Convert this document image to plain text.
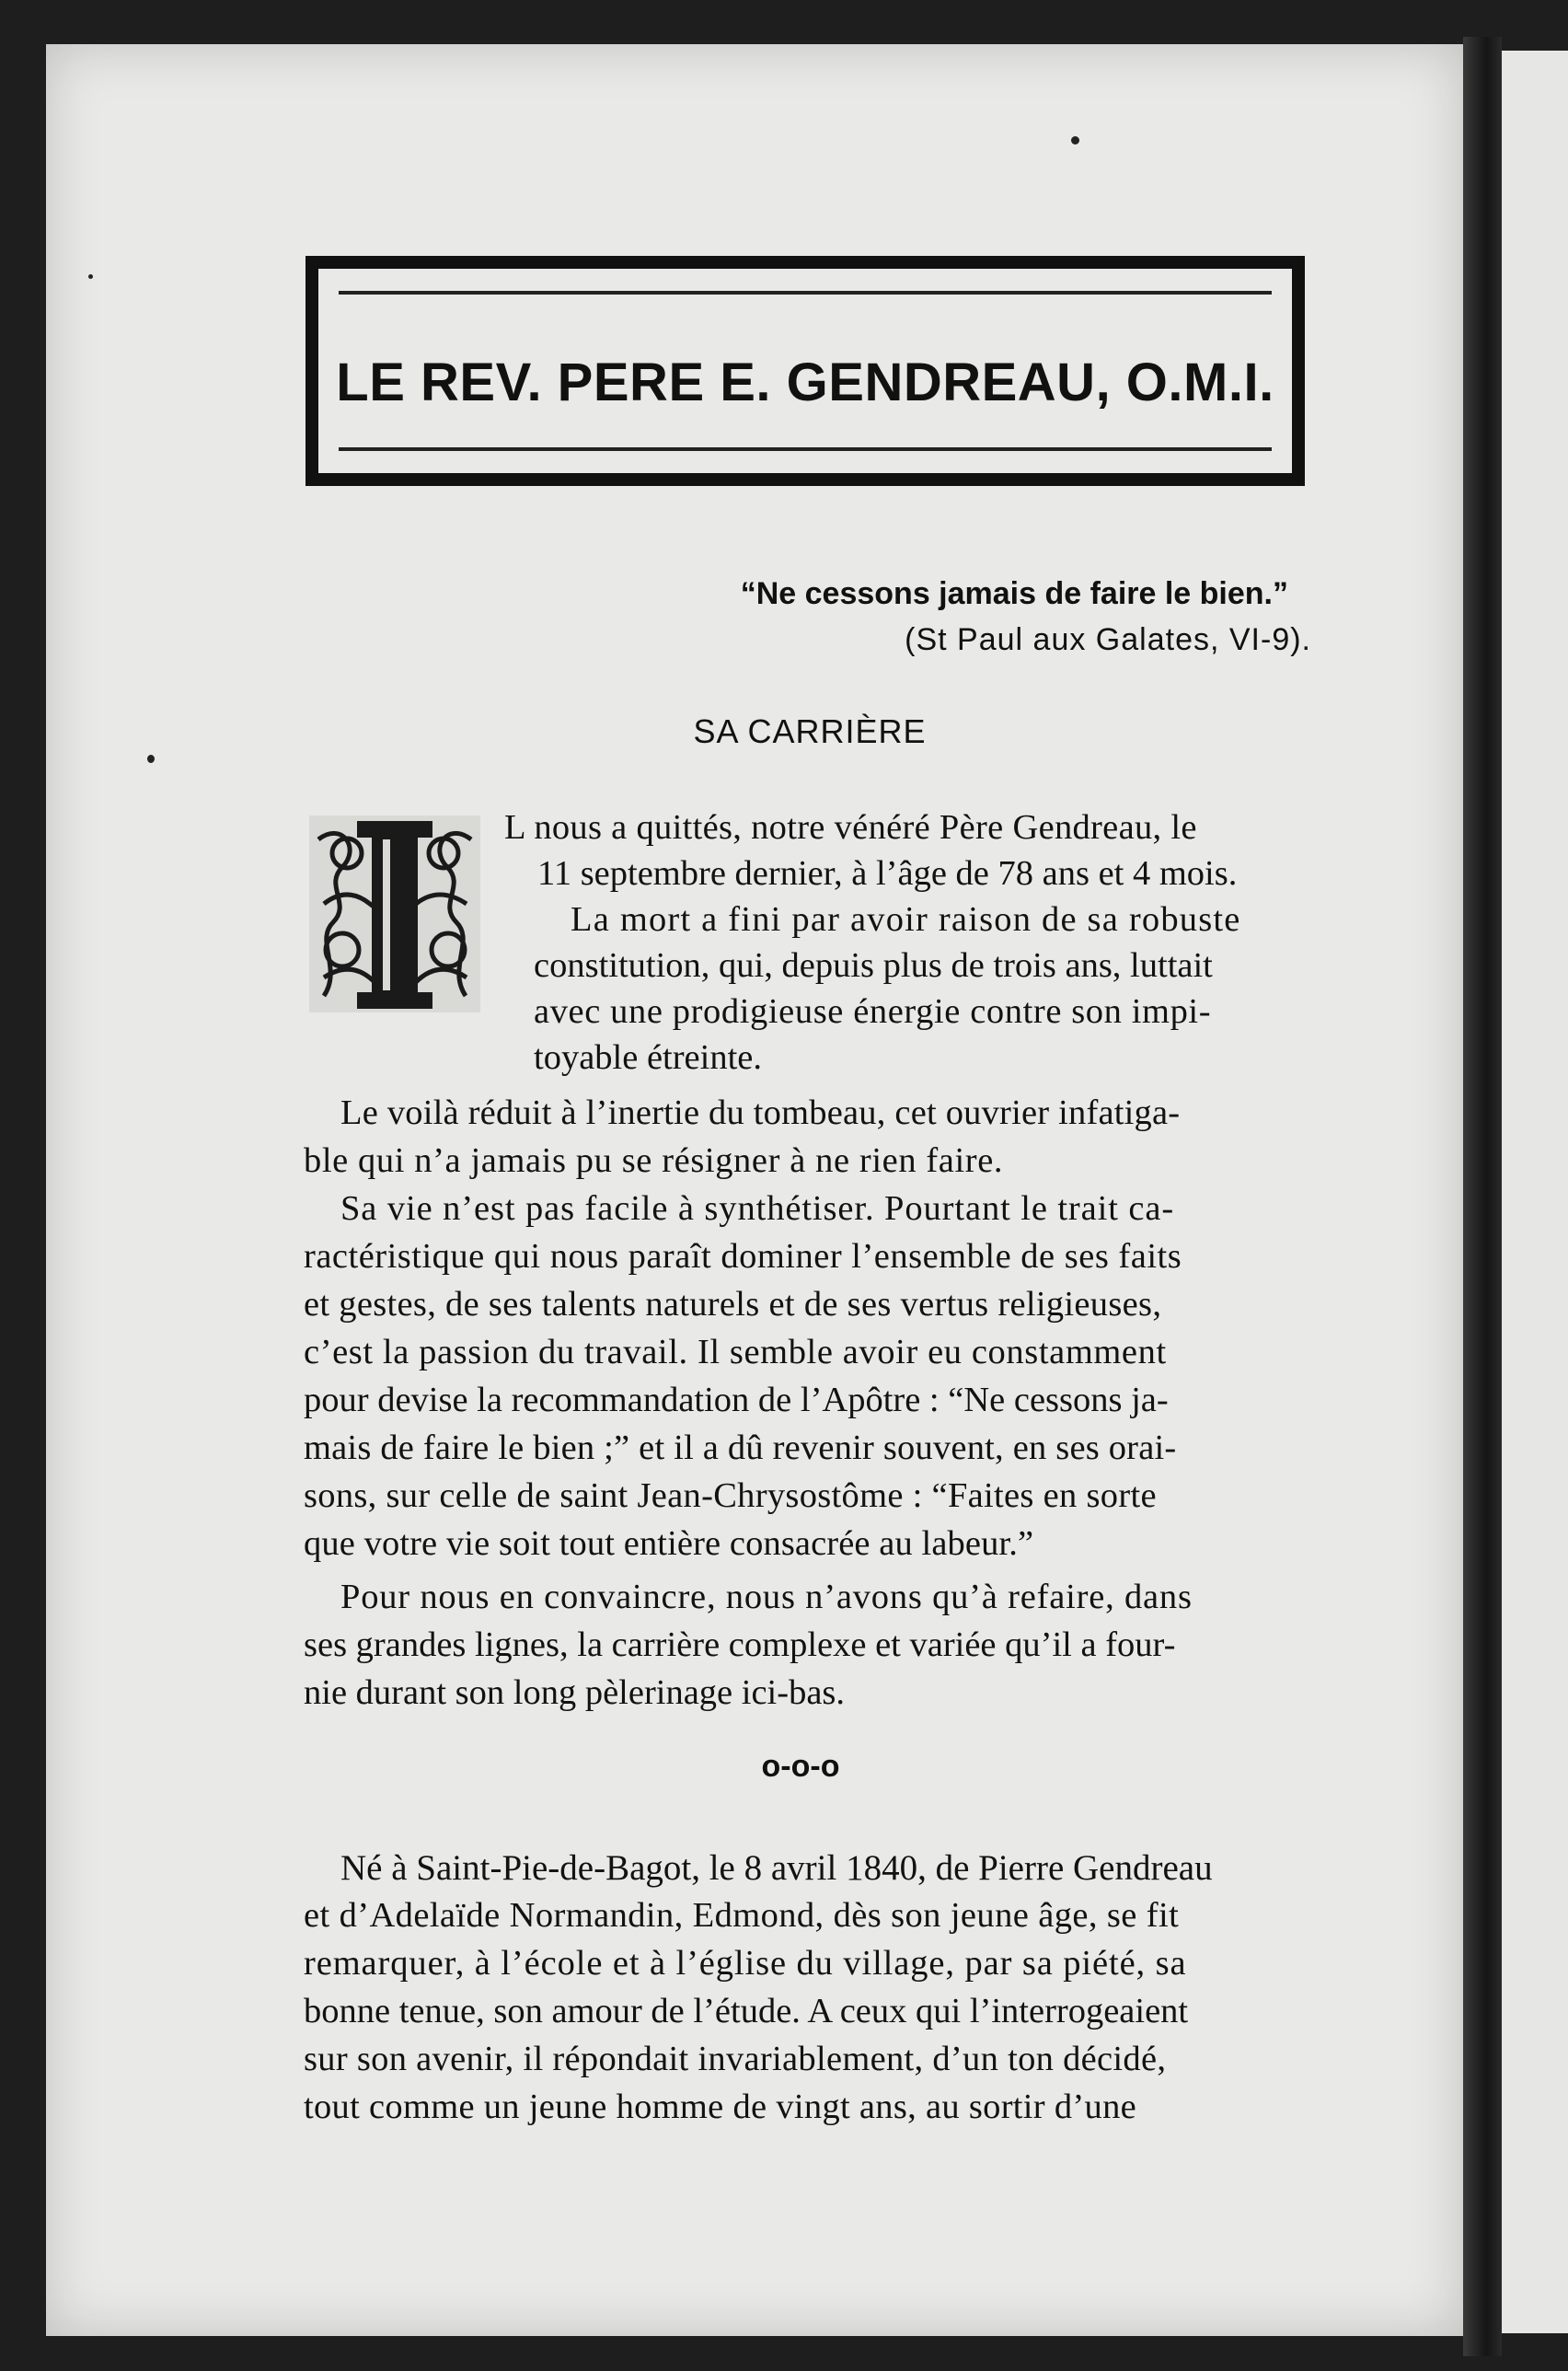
LE REV. PERE E. GENDREAU, O.M.I.
“Ne cessons jamais de faire le bien.”
(St Paul aux Galates, VI-9).
SA CARRIÈRE
L nous a quittés, notre vénéré Père Gendreau, le
11 septembre dernier, à l’âge de 78 ans et 4 mois.
La mort a fini par avoir raison de sa robuste
constitution, qui, depuis plus de trois ans, luttait
avec une prodigieuse énergie contre son impi-
toyable étreinte.
Le voilà réduit à l’inertie du tombeau, cet ouvrier infatiga-
ble qui n’a jamais pu se résigner à ne rien faire.
Sa vie n’est pas facile à synthétiser. Pourtant le trait ca-
ractéristique qui nous paraît dominer l’ensemble de ses faits
et gestes, de ses talents naturels et de ses vertus religieuses,
c’est la passion du travail. Il semble avoir eu constamment
pour devise la recommandation de l’Apôtre : “Ne cessons ja-
mais de faire le bien ;” et il a dû revenir souvent, en ses orai-
sons, sur celle de saint Jean-Chrysostôme : “Faites en sorte
que votre vie soit tout entière consacrée au labeur.”
Pour nous en convaincre, nous n’avons qu’à refaire, dans
ses grandes lignes, la carrière complexe et variée qu’il a four-
nie durant son long pèlerinage ici-bas.
o-o-o
Né à Saint-Pie-de-Bagot, le 8 avril 1840, de Pierre Gendreau
et d’Adelaïde Normandin, Edmond, dès son jeune âge, se fit
remarquer, à l’école et à l’église du village, par sa piété, sa
bonne tenue, son amour de l’étude. A ceux qui l’interrogeaient
sur son avenir, il répondait invariablement, d’un ton décidé,
tout comme un jeune homme de vingt ans, au sortir d’une
